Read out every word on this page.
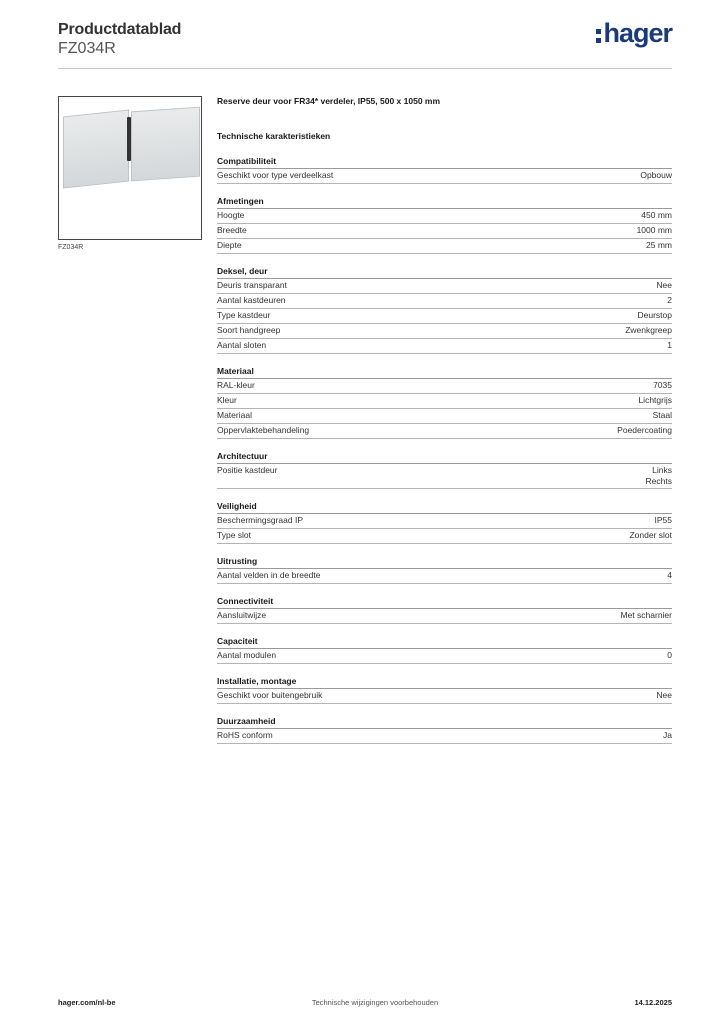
Productdatablad
FZ034R
hager
FZ034R
Reserve deur voor FR34* verdeler, IP55, 500 x 1050 mm
Technische karakteristieken
Compatibiliteit
Geschikt voor type verdeelkast	Opbouw
Afmetingen
Hoogte	450 mm
Breedte	1000 mm
Diepte	25 mm
Deksel, deur
Deuris transparant	Nee
Aantal kastdeuren	2
Type kastdeur	Deurstop
Soort handgreep	Zwenkgreep
Aantal sloten	1
Materiaal
RAL-kleur	7035
Kleur	Lichtgrijs
Materiaal	Staal
Oppervlaktebehandeling	Poedercoating
Architectuur
Positie kastdeur	Links
Rechts
Veiligheid
Beschermingsgraad IP	IP55
Type slot	Zonder slot
Uitrusting
Aantal velden in de breedte	4
Connectiviteit
Aansluitwijze	Met scharnier
Capaciteit
Aantal modulen	0
Installatie, montage
Geschikt voor buitengebruik	Nee
Duurzaamheid
RoHS conform	Ja
hager.com/nl-be	Technische wijzigingen voorbehouden	14.12.2025
